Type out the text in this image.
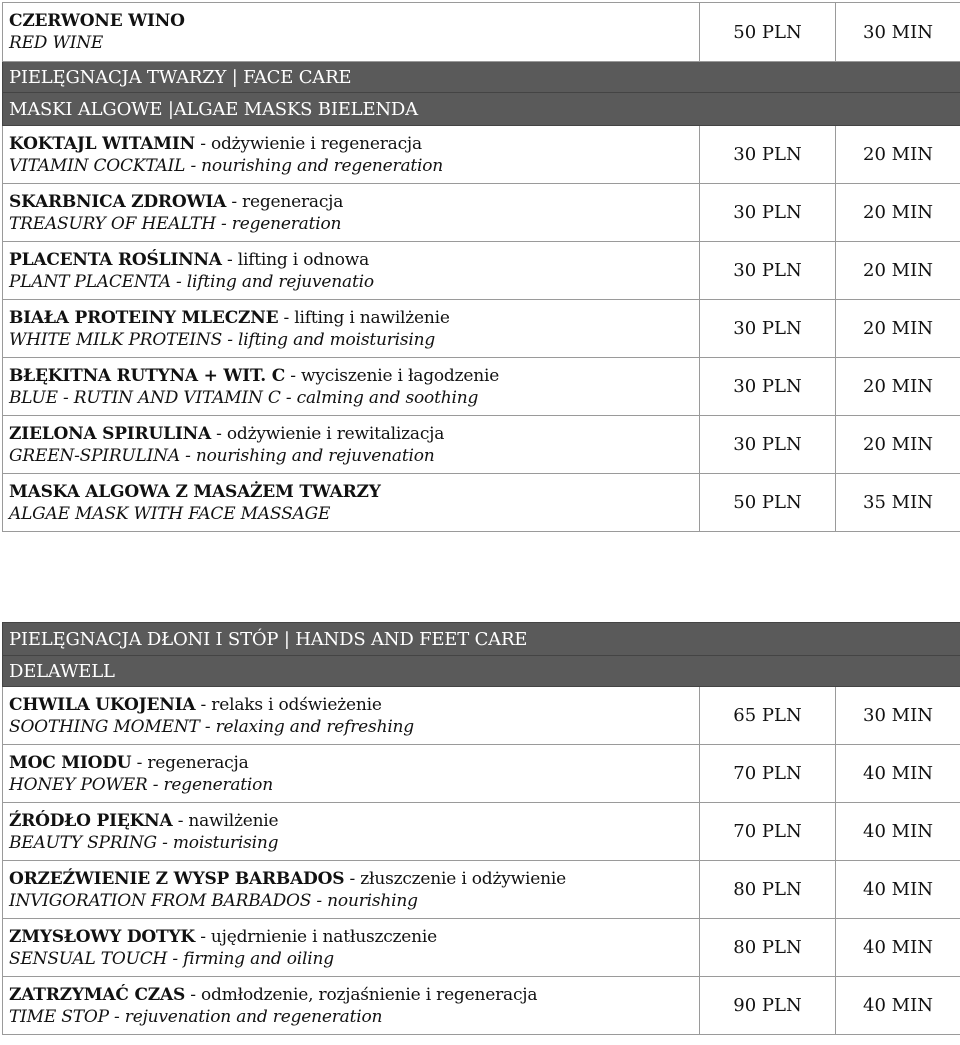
CZERWONE WINO
RED WINE	50 PLN	30 MIN
PIELĘGNACJA TWARZY | FACE CARE		
MASKI ALGOWE |ALGAE MASKS BIELENDA		

KOKTAJL WITAMIN - odżywienie i regeneracja
VITAMIN COCKTAIL - nourishing and regeneration	30 PLN	20 MIN

SKARBNICA ZDROWIA - regeneracja
TREASURY OF HEALTH - regeneration	30 PLN	20 MIN

PLACENTA ROŚLINNA - lifting i odnowa
PLANT PLACENTA - lifting and rejuvenatio	30 PLN	20 MIN

BIAŁA PROTEINY MLECZNE - lifting i nawilżenie
WHITE MILK PROTEINS - lifting and moisturising	30 PLN	20 MIN

BŁĘKITNA RUTYNA + WIT. C - wyciszenie i łagodzenie
BLUE - RUTIN AND VITAMIN C - calming and soothing	30 PLN	20 MIN

ZIELONA SPIRULINA - odżywienie i rewitalizacja
GREEN-SPIRULINA - nourishing and rejuvenation	30 PLN	20 MIN

MASKA ALGOWA Z MASAŻEM TWARZY
ALGAE MASK WITH FACE MASSAGE	50 PLN	35 MIN
PIELĘGNACJA DŁONI I STÓP | HANDS AND FEET CARE		
DELAWELL		

CHWILA UKOJENIA - relaks i odświeżenie
SOOTHING MOMENT - relaxing and refreshing	65 PLN	30 MIN

MOC MIODU - regeneracja
HONEY POWER - regeneration	70 PLN	40 MIN

ŹRÓDŁO PIĘKNA - nawilżenie
BEAUTY SPRING - moisturising	70 PLN	40 MIN

ORZEŹWIENIE Z WYSP BARBADOS - złuszczenie i odżywienie
INVIGORATION FROM BARBADOS - nourishing	80 PLN	40 MIN

ZMYSŁOWY DOTYK - ujędrnienie i natłuszczenie
SENSUAL TOUCH - firming and oiling	80 PLN	40 MIN

ZATRZYMAĆ CZAS - odmłodzenie, rozjaśnienie i regeneracja
TIME STOP - rejuvenation and regeneration	90 PLN	40 MIN
